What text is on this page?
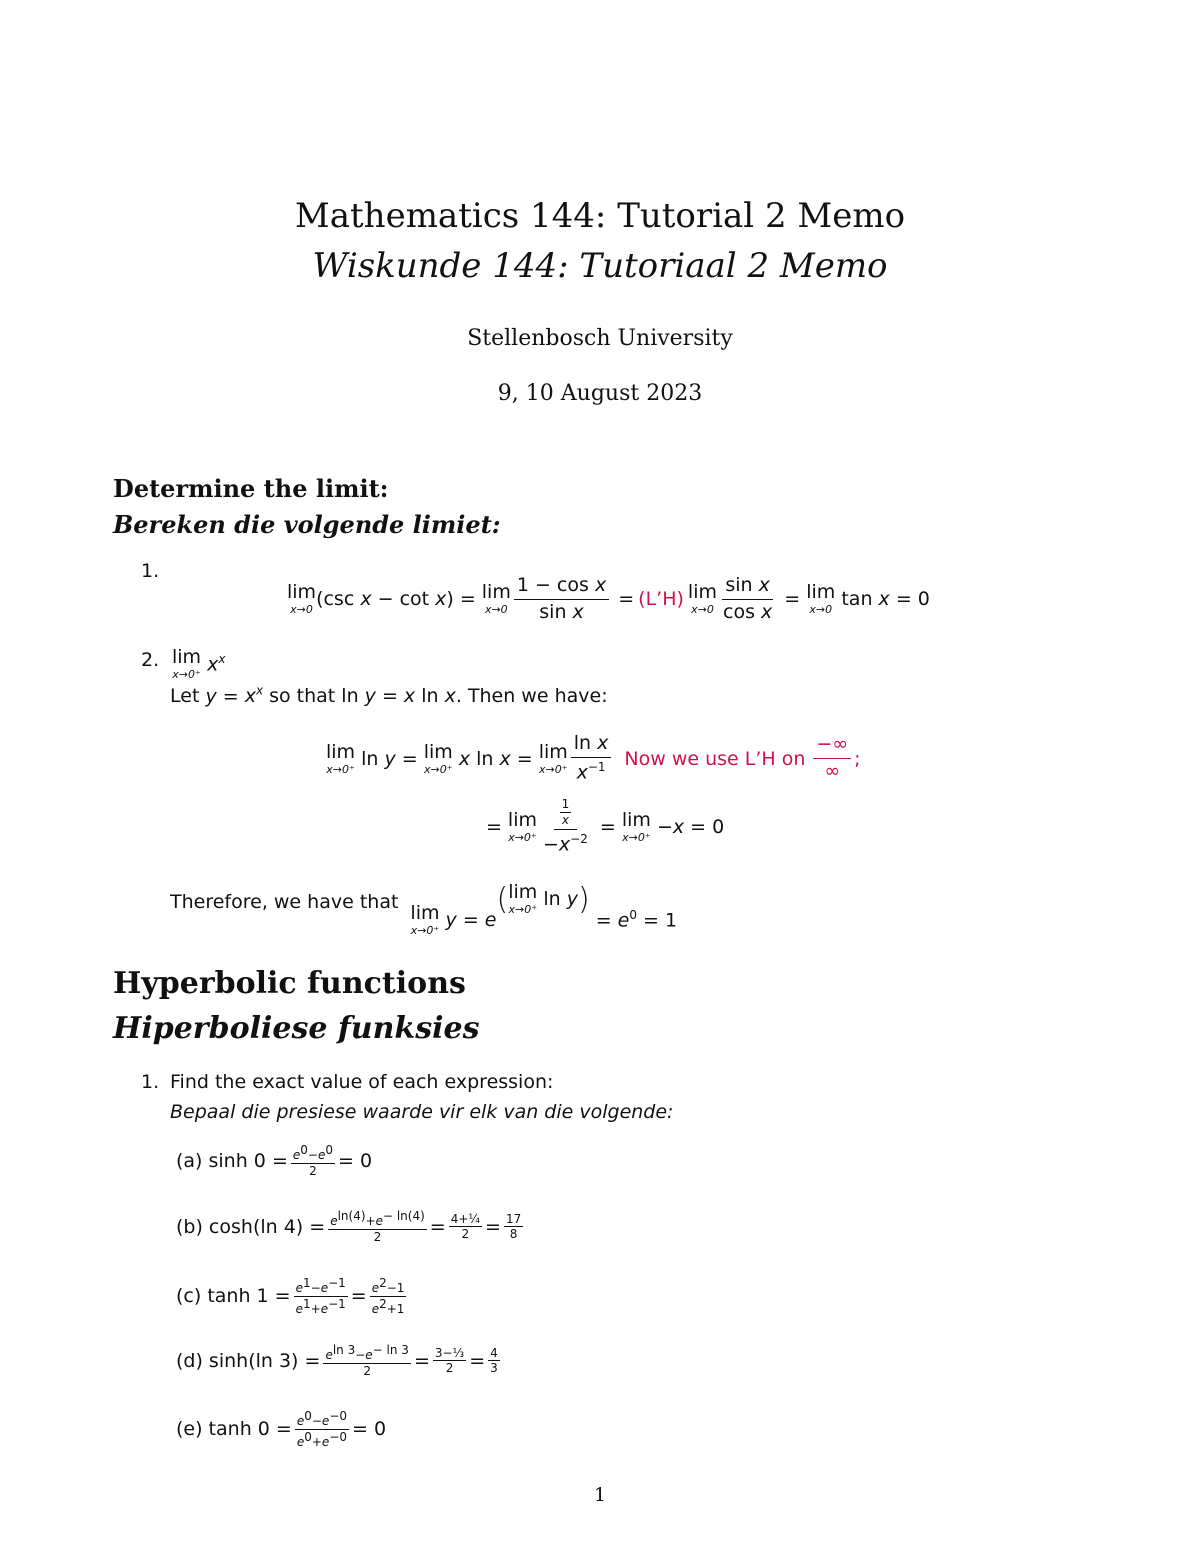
Mathematics 144: Tutorial 2 Memo
Wiskunde 144: Tutoriaal 2 Memo
Stellenbosch University
9, 10 August 2023
Determine the limit:
Bereken die volgende limiet:
1.
lim
x→0 (csc x − cot x) = lim
$x\to 0 \frac{\text{1 − cos x}}{\text{sin x}}$ = (L’H) lim
$x\to 0 \frac{\text{sin x}}{\text{cos x}} = \lim$
x→0 tan x = 0
2. lim
x→0⁺ $x^x$
Let $y = x^x$ so that ln y = x ln x . Then we have:
lim
x→0⁺ ln y = lim
x→0⁺ x ln x = lim
$x\to 0^+ \frac{\text{ln x}}{x^{-1}}$ Now we use L’H on $\frac{-\infty}{\infty}$ ;
= lim
$x\to 0^+ \frac{\frac{1}{x}}{-x^{-2}} = \lim$
x→0⁺ −x = 0
Therefore, we have that lim
x→0⁺ y = e
( lim
x→0⁺ ln y )
= $e^0 = 1$
Hyperbolic functions
Hiperboliese funksies
1. Find the exact value of each expression:
Bepaal die presiese waarde vir elk van die volgende:
(a) $\sinh 0 = \frac{e^0-e^0}{2} = 0$
(b) cosh(ln $4) = \frac{e^{ln(4)}+e^{- ln(4)}}{2} = \frac{\text{4+¼}}{2} = \frac{17}{8}$
(c) $\tanh 1 = \frac{e^1-e^{-1}}{e^1+e^{-1}} = \frac{e^2-1}{e^2+1}$
(d) sinh(ln $3) = \frac{e^{ln 3}-e^{- ln 3}}{2} = \frac{\text{3−⅓}}{2} = \frac{4}{3}$
(e) $\tanh 0 = \frac{e^0-e^{-0}}{e^0+e^{-0}} = 0$
1
